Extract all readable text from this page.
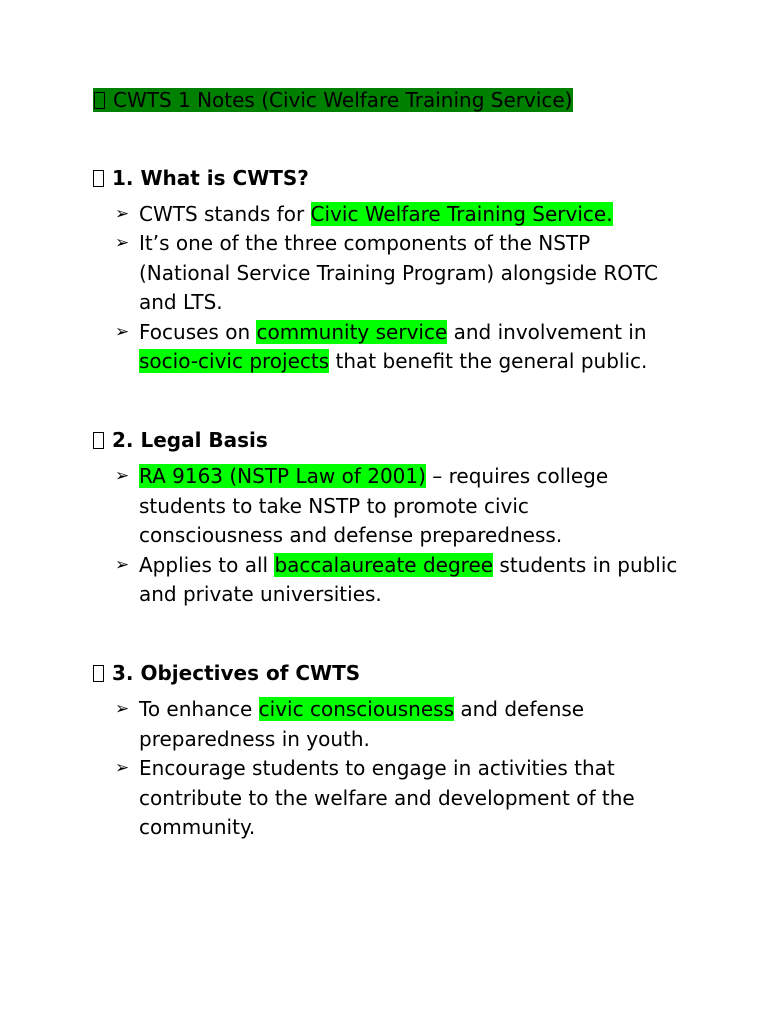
CWTS 1 Notes (Civic Welfare Training Service)

1. What is CWTS?

➢ CWTS stands for Civic Welfare Training Service.
➢ It’s one of the three components of the NSTP (National Service Training Program) alongside ROTC and LTS.
➢ Focuses on community service and involvement in socio-civic projects that benefit the general public.

2. Legal Basis

➢ RA 9163 (NSTP Law of 2001) – requires college students to take NSTP to promote civic consciousness and defense preparedness.
➢ Applies to all baccalaureate degree students in public and private universities.

3. Objectives of CWTS

➢ To enhance civic consciousness and defense preparedness in youth.
➢ Encourage students to engage in activities that contribute to the welfare and development of the community.
